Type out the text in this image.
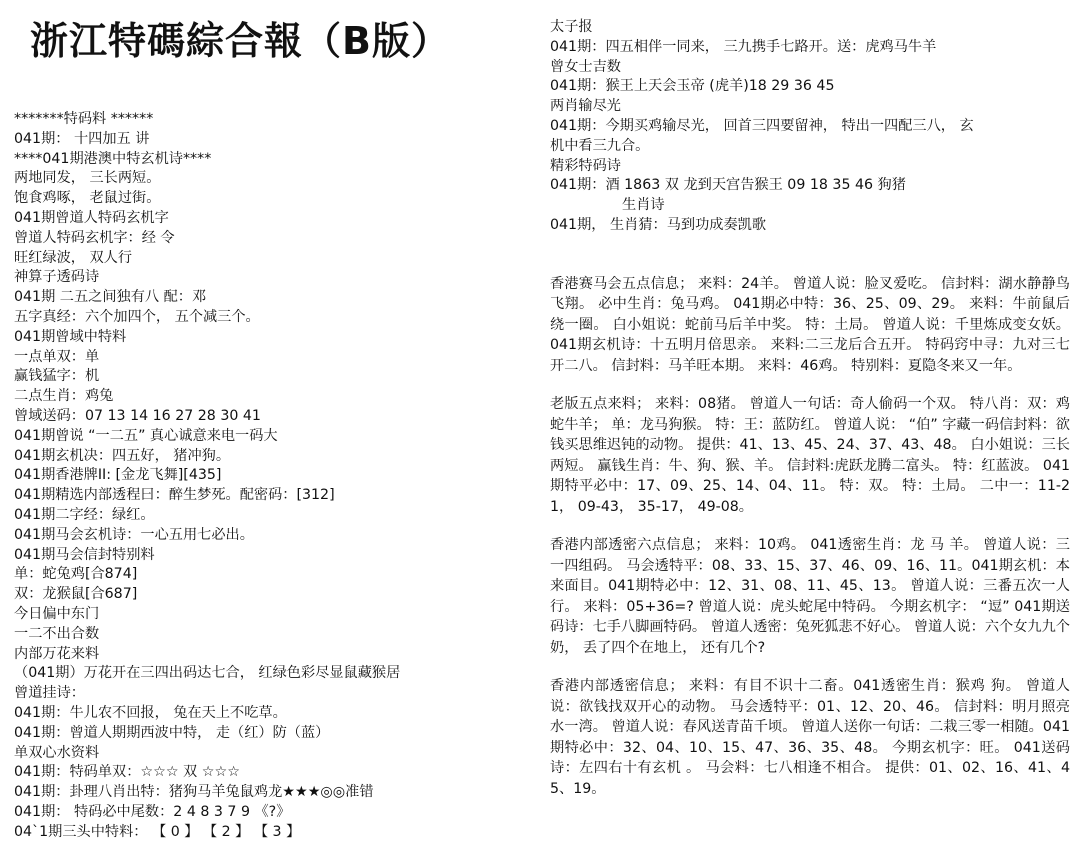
浙江特碼綜合報（B版）
*******特码料 ******
041期： 十四加五 讲
****041期港澳中特玄机诗****
两地同发， 三长两短。
饱食鸡啄， 老鼠过街。
041期曾道人特码玄机字
曾道人特码玄机字：经 令
旺红绿波， 双人行
神算子透码诗
041期 二五之间独有八 配：邓
五字真经：六个加四个， 五个减三个。
041期曾域中特料
一点单双：单
赢钱猛字：机
二点生肖：鸡兔
曾域送码：07 13 14 16 27 28 30 41
041期曾说 “一二五” 真心诚意来电一码大
041期玄机决：四五好， 猪冲狗。
041期香港牌II: [金龙飞舞][435]
041期精选内部透程曰：醉生梦死。配密码：[312]
041期二字经：绿红。
041期马会玄机诗：一心五用七必出。
041期马会信封特别料
单：蛇兔鸡[合874]
双：龙猴鼠[合687]
今日偏中东门
一二不出合数
内部万花来料
（041期）万花开在三四出码达七合， 红绿色彩尽显鼠藏猴居
曾道挂诗：
041期：牛儿农不回报， 兔在天上不吃草。
041期：曾道人期期西波中特， 走（红）防（蓝）
单双心水资料
041期：特码单双：☆☆☆ 双 ☆☆☆
041期：卦理八肖出特：猪狗马羊兔鼠鸡龙★★★◎◎准错
041期： 特码必中尾数：2 4 8 3 7 9 《?》
04`1期三头中特料： 【 0 】 【 2 】 【 3 】
太子报
041期：四五相伴一同来， 三九携手七路开。送：虎鸡马牛羊
曾女士吉数
041期：猴王上天会玉帝 (虎羊)18 29 36 45
两肖输尽光
041期：今期买鸡输尽光， 回首三四要留神， 特出一四配三八， 玄
机中看三九合。
精彩特码诗
041期：酒 1863 双 龙到天宫告猴王 09 18 35 46 狗猪
生肖诗
041期， 生肖猜：马到功成奏凯歌
香港赛马会五点信息； 来料：24羊。 曾道人说：脸叉爱吃。 信封料：湖水静静鸟飞翔。 必中生肖：兔马鸡。 041期必中特：36、25、09、29。 来料：牛前鼠后绕一圈。 白小姐说：蛇前马后羊中奖。 特：土局。 曾道人说：千里炼成变女妖。 041期玄机诗：十五明月倍思亲。 来料:二三龙后合五开。 特码窍中寻：九对三七开二八。 信封料：马羊旺本期。 来料：46鸡。 特别料：夏隐冬来又一年。
老版五点来料； 来料：08猪。 曾道人一句话：奇人偷码一个双。 特八肖：双：鸡蛇牛羊； 单：龙马狗猴。 特：王：蓝防红。 曾道人说： “伯” 字藏一码信封料：欲钱买思维迟钝的动物。 提供：41、13、45、24、37、43、48。 白小姐说：三长两短。 赢钱生肖：牛、狗、猴、羊。 信封料:虎跃龙腾二富头。 特：红蓝波。 041期特平必中：17、09、25、14、04、11。 特：双。 特：土局。 二中一：11-21， 09-43， 35-17， 49-08。
香港内部透密六点信息； 来料：10鸡。 041透密生肖：龙 马 羊。 曾道人说：三一四组码。 马会透特平：08、33、15、37、46、09、16、11。041期玄机：本来面目。041期特必中：12、31、08、11、45、13。 曾道人说：三番五次一人行。 来料：05+36=? 曾道人说：虎头蛇尾中特码。 今期玄机字： “逗” 041期送码诗：七手八脚画特码。 曾道人透密：兔死狐悲不好心。 曾道人说：六个女九九个奶， 丢了四个在地上， 还有几个?
香港内部透密信息； 来料：有目不识十二畜。041透密生肖：猴鸡 狗。 曾道人说：欲钱找双开心的动物。 马会透特平：01、12、20、46。 信封料：明月照亮水一湾。 曾道人说：春风送青苗千顷。 曾道人送你一句话：二栽三零一相随。041期特必中：32、04、10、15、47、36、35、48。 今期玄机字：旺。 041送码诗：左四右十有玄机 。 马会料：七八相逢不相合。 提供：01、02、16、41、45、19。
